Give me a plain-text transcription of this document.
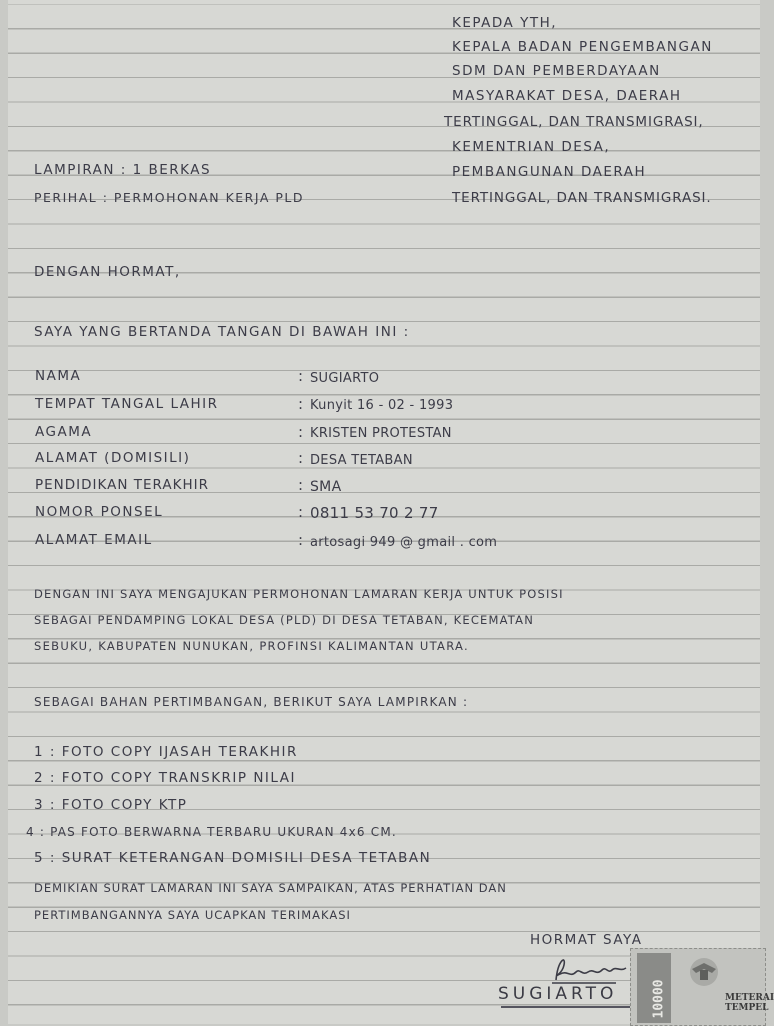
KEPADA YTH,
KEPALA BADAN PENGEMBANGAN
SDM DAN PEMBERDAYAAN
MASYARAKAT DESA, DAERAH
TERTINGGAL, DAN TRANSMIGRASI,
KEMENTRIAN DESA,
PEMBANGUNAN DAERAH
TERTINGGAL, DAN TRANSMIGRASI.
LAMPIRAN : 1 BERKAS
PERIHAL : PERMOHONAN KERJA PLD
DENGAN HORMAT,
SAYA YANG BERTANDA TANGAN DI BAWAH INI :
NAMA	: SUGIARTO
TEMPAT TANGAL LAHIR	: Kunyit 16 - 02 - 1993
AGAMA	: KRISTEN PROTESTAN
ALAMAT (DOMISILI)	: DESA TETABAN
PENDIDIKAN TERAKHIR	: SMA
NOMOR PONSEL	: 0811 53 70 2 77
ALAMAT EMAIL	: artosagi 949 @ gmail . com
DENGAN INI SAYA MENGAJUKAN PERMOHONAN LAMARAN KERJA UNTUK POSISI
SEBAGAI PENDAMPING LOKAL DESA (PLD) DI DESA TETABAN, KECEMATAN
SEBUKU, KABUPATEN NUNUKAN, PROFINSI KALIMANTAN UTARA.
SEBAGAI BAHAN PERTIMBANGAN, BERIKUT SAYA LAMPIRKAN :
1 : FOTO COPY IJASAH TERAKHIR
2 : FOTO COPY TRANSKRIP NILAI
3 : FOTO COPY KTP
4 : PAS FOTO BERWARNA TERBARU UKURAN 4x6 CM.
5 : SURAT KETERANGAN DOMISILI DESA TETABAN
DEMIKIAN SURAT LAMARAN INI SAYA SAMPAIKAN, ATAS PERHATIAN DAN
PERTIMBANGANNYA SAYA UCAPKAN TERIMAKASI
HORMAT SAYA
SUGIARTO	10000	METERAI
TEMPEL
